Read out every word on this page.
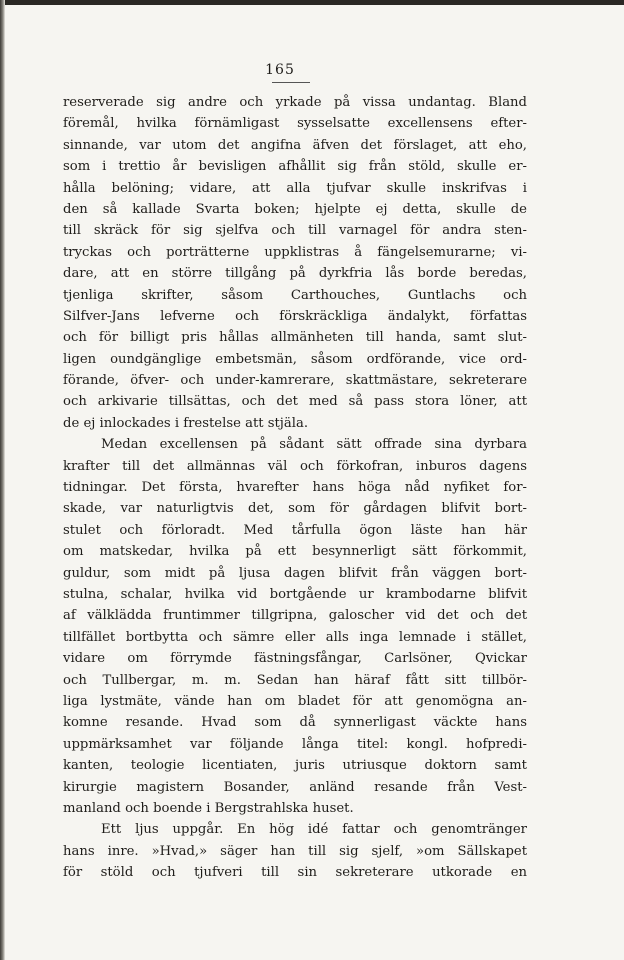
165
reserverade sig andre och yrkade på vissa undantag. Bland
föremål, hvilka förnämligast sysselsatte excellensens efter-
sinnande, var utom det angifna äfven det förslaget, att eho,
som i trettio år bevisligen afhållit sig från stöld, skulle er-
hålla belöning; vidare, att alla tjufvar skulle inskrifvas i
den så kallade Svarta boken; hjelpte ej detta, skulle de
till skräck för sig sjelfva och till varnagel för andra sten-
tryckas och porträtterne uppklistras å fängelsemurarne; vi-
dare, att en större tillgång på dyrkfria lås borde beredas,
tjenliga skrifter, såsom Carthouches, Guntlachs och
Silfver-Jans lefverne och förskräckliga ändalykt, författas
och för billigt pris hållas allmänheten till handa, samt slut-
ligen oundgänglige embetsmän, såsom ordförande, vice ord-
förande, öfver- och under-kamrerare, skattmästare, sekreterare
och arkivarie tillsättas, och det med så pass stora löner, att
de ej inlockades i frestelse att stjäla.
Medan excellensen på sådant sätt offrade sina dyrbara
krafter till det allmännas väl och förkofran, inburos dagens
tidningar. Det första, hvarefter hans höga nåd nyfiket for-
skade, var naturligtvis det, som för gårdagen blifvit bort-
stulet och förloradt. Med tårfulla ögon läste han här
om matskedar, hvilka på ett besynnerligt sätt förkommit,
guldur, som midt på ljusa dagen blifvit från väggen bort-
stulna, schalar, hvilka vid bortgående ur krambodarne blifvit
af välklädda fruntimmer tillgripna, galoscher vid det och det
tillfället bortbytta och sämre eller alls inga lemnade i stället,
vidare om förrymde fästningsfångar, Carlsöner, Qvickar
och Tullbergar, m. m. Sedan han häraf fått sitt tillbör-
liga lystmäte, vände han om bladet för att genomögna an-
komne resande. Hvad som då synnerligast väckte hans
uppmärksamhet var följande långa titel: kongl. hofpredi-
kanten, teologie licentiaten, juris utriusque doktorn samt
kirurgie magistern Bosander, anländ resande från Vest-
manland och boende i Bergstrahlska huset.
Ett ljus uppgår. En hög idé fattar och genomtränger
hans inre. »Hvad,» säger han till sig sjelf, »om Sällskapet
för stöld och tjufveri till sin sekreterare utkorade en
